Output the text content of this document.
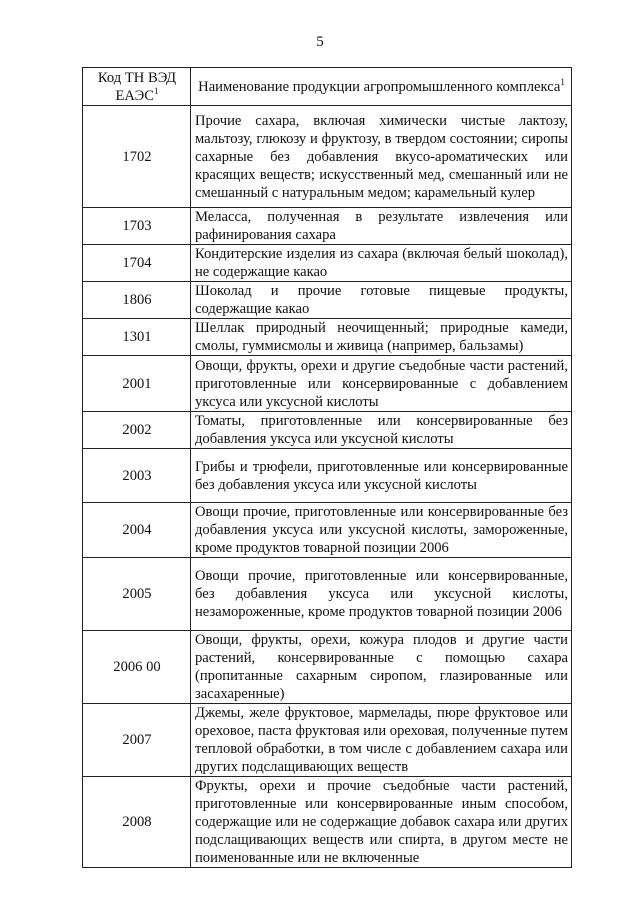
5
Код ТН ВЭД ЕАЭС$^1$	Наименование продукции агропромышленного комплекса$^1$
1702	Прочие сахара, включая химически чистые лактозу, мальтозу, глюкозу и фруктозу, в твердом состоянии; сиропы сахарные без добавления вкусо-ароматических или красящих веществ; искусственный мед, смешанный или не смешанный с натуральным медом; карамельный кулер
1703	Меласса, полученная в результате извлечения или рафинирования сахара
1704	Кондитерские изделия из сахара (включая белый шоколад), не содержащие какао
1806	Шоколад и прочие готовые пищевые продукты, содержащие какао
1301	Шеллак природный неочищенный; природные камеди, смолы, гуммисмолы и живица (например, бальзамы)
2001	Овощи, фрукты, орехи и другие съедобные части растений, приготовленные или консервированные с добавлением уксуса или уксусной кислоты
2002	Томаты, приготовленные или консервированные без добавления уксуса или уксусной кислоты
2003	Грибы и трюфели, приготовленные или консервированные без добавления уксуса или уксусной кислоты
2004	Овощи прочие, приготовленные или консервированные без добавления уксуса или уксусной кислоты, замороженные, кроме продуктов товарной позиции 2006
2005	Овощи прочие, приготовленные или консервированные, без добавления уксуса или уксусной кислоты, незамороженные, кроме продуктов товарной позиции 2006
2006 00	Овощи, фрукты, орехи, кожура плодов и другие части растений, консервированные с помощью сахара (пропитанные сахарным сиропом, глазированные или засахаренные)
2007	Джемы, желе фруктовое, мармелады, пюре фруктовое или ореховое, паста фруктовая или ореховая, полученные путем тепловой обработки, в том числе с добавлением сахара или других подслащивающих веществ
2008	Фрукты, орехи и прочие съедобные части растений, приготовленные или консервированные иным способом, содержащие или не содержащие добавок сахара или других подслащивающих веществ или спирта, в другом месте не поименованные или не включенные
